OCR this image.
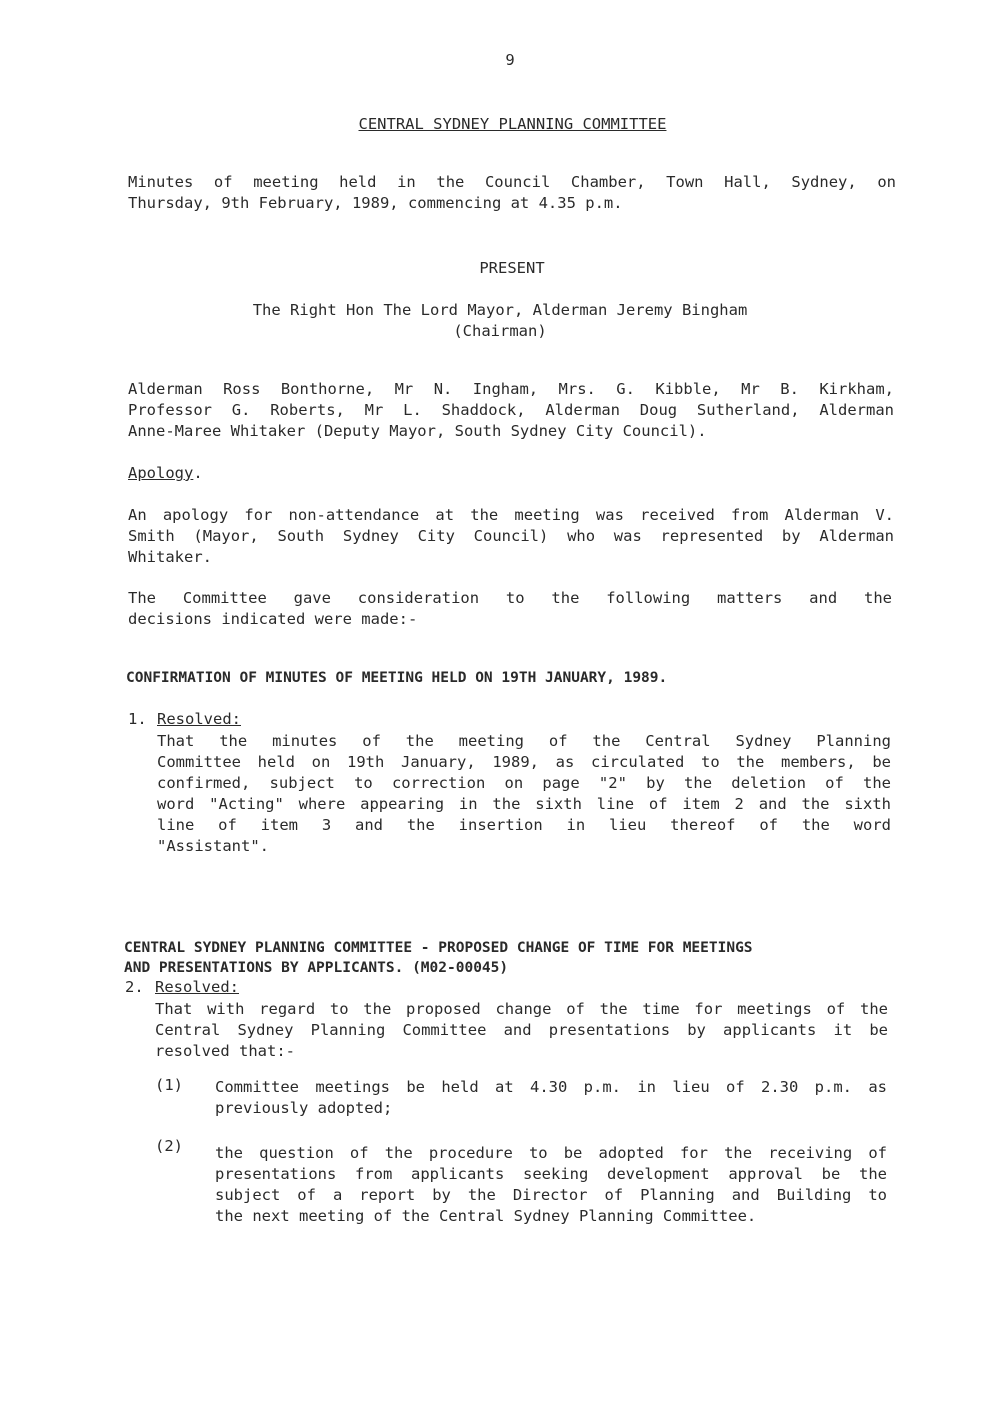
9
CENTRAL SYDNEY PLANNING COMMITTEE
Minutes of meeting held in the Council Chamber, Town Hall, Sydney, on
Thursday, 9th February, 1989, commencing at 4.35 p.m.
PRESENT
The Right Hon The Lord Mayor, Alderman Jeremy Bingham
(Chairman)
Alderman Ross Bonthorne, Mr N. Ingham, Mrs. G. Kibble, Mr B. Kirkham,
Professor G. Roberts, Mr L. Shaddock, Alderman Doug Sutherland, Alderman
Anne-Maree Whitaker (Deputy Mayor, South Sydney City Council).
Apology.
An apology for non-attendance at the meeting was received from Alderman V.
Smith (Mayor, South Sydney City Council) who was represented by Alderman
Whitaker.
The Committee gave consideration to the following matters and the
decisions indicated were made:-
CONFIRMATION OF MINUTES OF MEETING HELD ON 19TH JANUARY, 1989.
1. Resolved:
That the minutes of the meeting of the Central Sydney Planning
Committee held on 19th January, 1989, as circulated to the members, be
confirmed, subject to correction on page "2" by the deletion of the
word "Acting" where appearing in the sixth line of item 2 and the sixth
line of item 3 and the insertion in lieu thereof of the word
"Assistant".
CENTRAL SYDNEY PLANNING COMMITTEE - PROPOSED CHANGE OF TIME FOR MEETINGS
AND PRESENTATIONS BY APPLICANTS. (M02-00045)
2. Resolved:
That with regard to the proposed change of the time for meetings of the
Central Sydney Planning Committee and presentations by applicants it be
resolved that:-
(1)	Committee meetings be held at 4.30 p.m. in lieu of 2.30 p.m. as
previously adopted;
(2)	the question of the procedure to be adopted for the receiving of
presentations from applicants seeking development approval be the
subject of a report by the Director of Planning and Building to
the next meeting of the Central Sydney Planning Committee.
